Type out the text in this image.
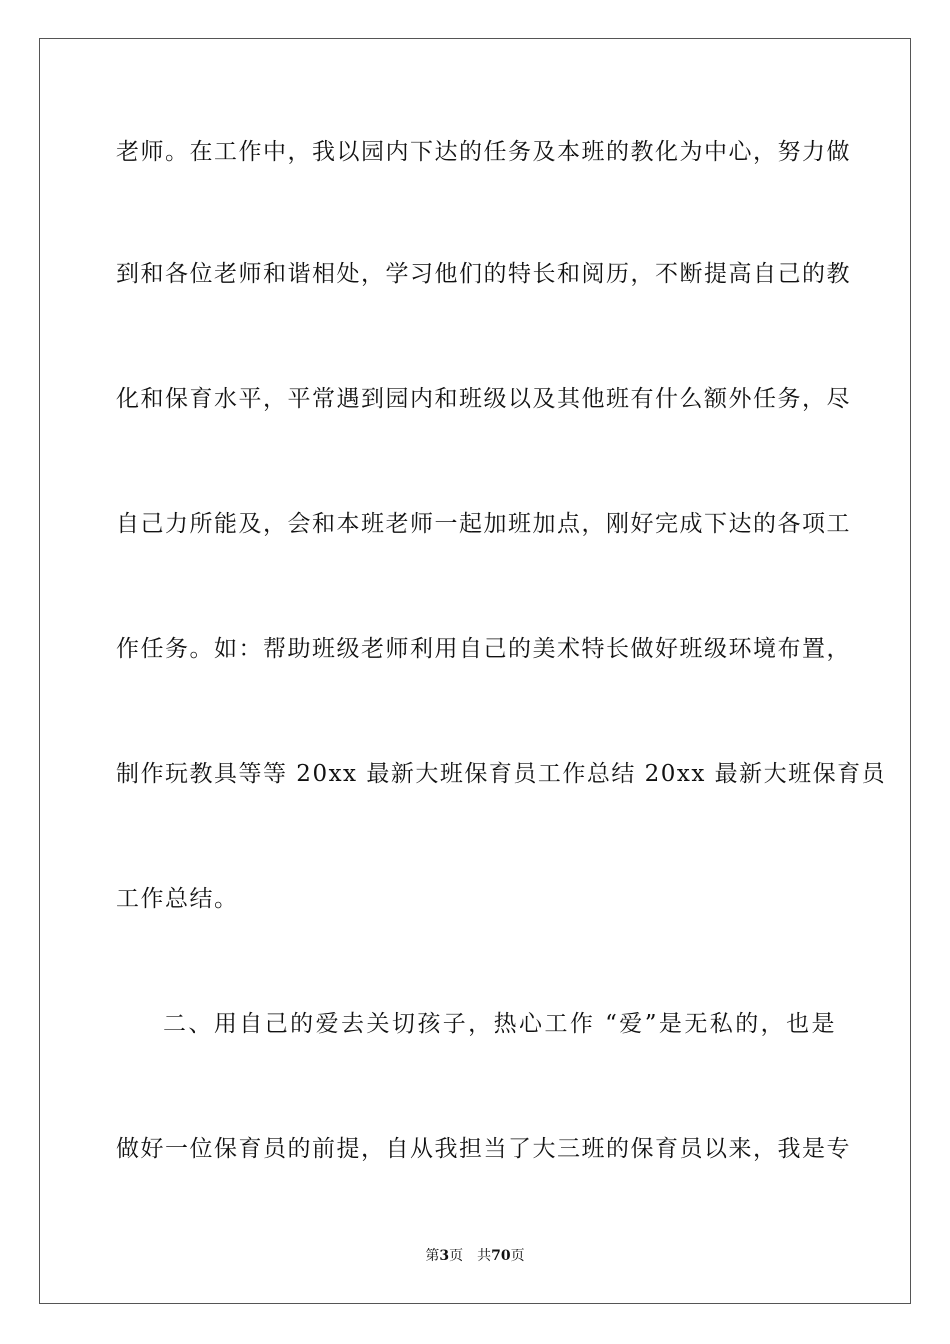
老师。在工作中，我以园内下达的任务及本班的教化为中心，努力做
到和各位老师和谐相处，学习他们的特长和阅历，不断提高自己的教
化和保育水平，平常遇到园内和班级以及其他班有什么额外任务，尽
自己力所能及，会和本班老师一起加班加点，刚好完成下达的各项工
作任务。如：帮助班级老师利用自己的美术特长做好班级环境布置，
制作玩教具等等 20xx 最新大班保育员工作总结 20xx 最新大班保育员
工作总结。
二、用自己的爱去关切孩子，热心工作 “爱”是无私的，也是
做好一位保育员的前提，自从我担当了大三班的保育员以来，我是专
第3页 共70页
